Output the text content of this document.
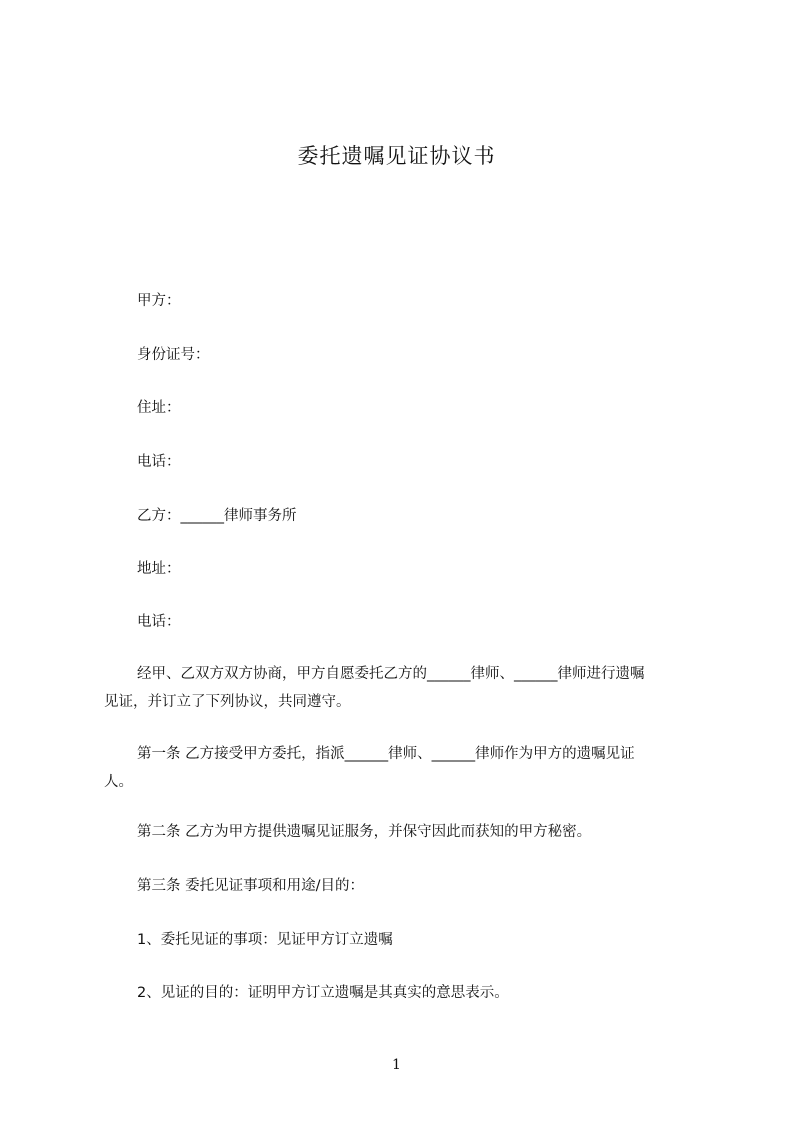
委托遗嘱见证协议书
甲方：
身份证号：
住址：
电话：
乙方：______律师事务所
地址：
电话：
经甲、乙双方双方协商，甲方自愿委托乙方的______律师、______律师进行遗嘱
见证，并订立了下列协议，共同遵守。
第一条 乙方接受甲方委托，指派______律师、______律师作为甲方的遗嘱见证
人。
第二条 乙方为甲方提供遗嘱见证服务，并保守因此而获知的甲方秘密。
第三条 委托见证事项和用途/目的：
1、委托见证的事项：见证甲方订立遗嘱
2、见证的目的：证明甲方订立遗嘱是其真实的意思表示。
1
